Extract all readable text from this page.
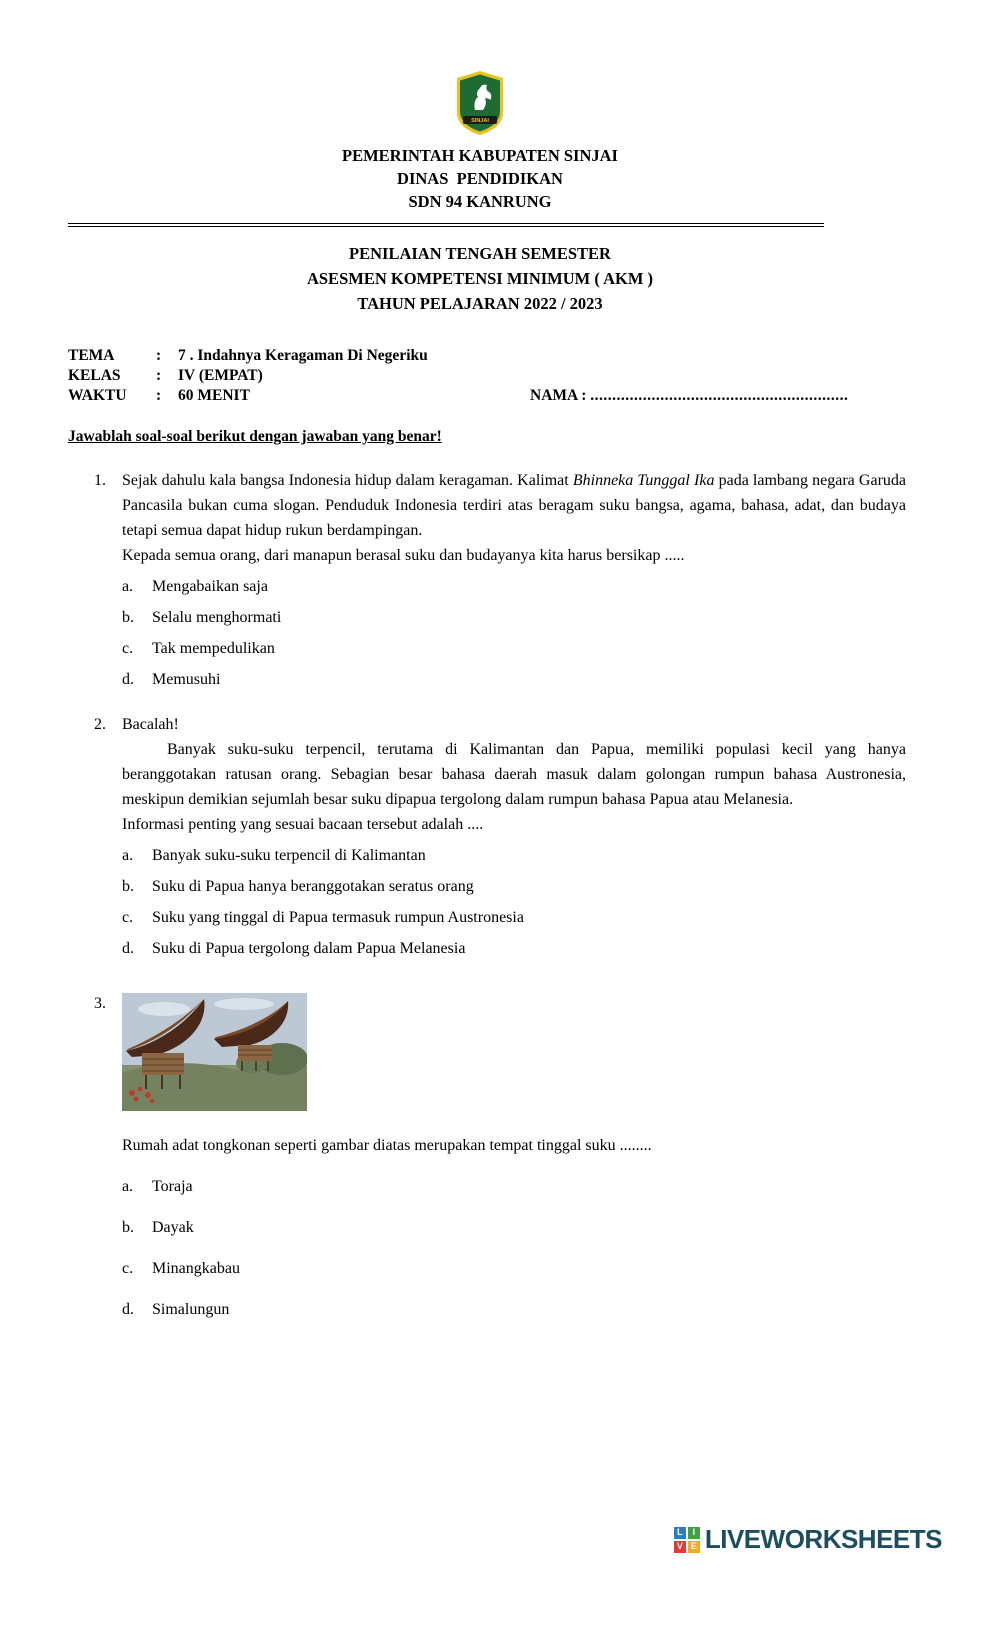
SINJAI
PEMERINTAH KABUPATEN SINJAI
DINAS  PENDIDIKAN
SDN 94 KANRUNG
PENILAIAN TENGAH SEMESTER
ASESMEN KOMPETENSI MINIMUM ( AKM )
TAHUN PELAJARAN 2022 / 2023
TEMA	:	7 . Indahnya Keragaman Di Negeriku
KELAS	:	IV (EMPAT)
WAKTU	:	60 MENIT	NAMA : ...........................................................
Jawablah soal-soal berikut dengan jawaban yang benar!
1.	Sejak dahulu kala bangsa Indonesia hidup dalam keragaman. Kalimat Bhinneka Tunggal Ika pada lambang negara Garuda Pancasila bukan cuma slogan. Penduduk Indonesia terdiri atas beragam suku bangsa, agama, bahasa, adat, dan budaya tetapi semua dapat hidup rukun berdampingan.
Kepada semua orang, dari manapun berasal suku dan budayanya kita harus bersikap .....
a.	Mengabaikan saja
b.	Selalu menghormati
c.	Tak mempedulikan
d.	Memusuhi
2.	Bacalah!
Banyak suku-suku terpencil, terutama di Kalimantan dan Papua, memiliki populasi kecil yang hanya beranggotakan ratusan orang. Sebagian besar bahasa daerah masuk dalam golongan rumpun bahasa Austronesia, meskipun demikian sejumlah besar suku dipapua tergolong dalam rumpun bahasa Papua atau Melanesia.
Informasi penting yang sesuai bacaan tersebut adalah ....
a.	Banyak suku-suku terpencil di Kalimantan
b.	Suku di Papua hanya beranggotakan seratus orang
c.	Suku yang tinggal di Papua termasuk rumpun Austronesia
d.	Suku di Papua tergolong dalam Papua Melanesia
3.
Rumah adat tongkonan seperti gambar diatas merupakan tempat tinggal suku ........
a.	Toraja
b.	Dayak
c.	Minangkabau
d.	Simalungun
L	I
V E LIVEWORKSHEETS
